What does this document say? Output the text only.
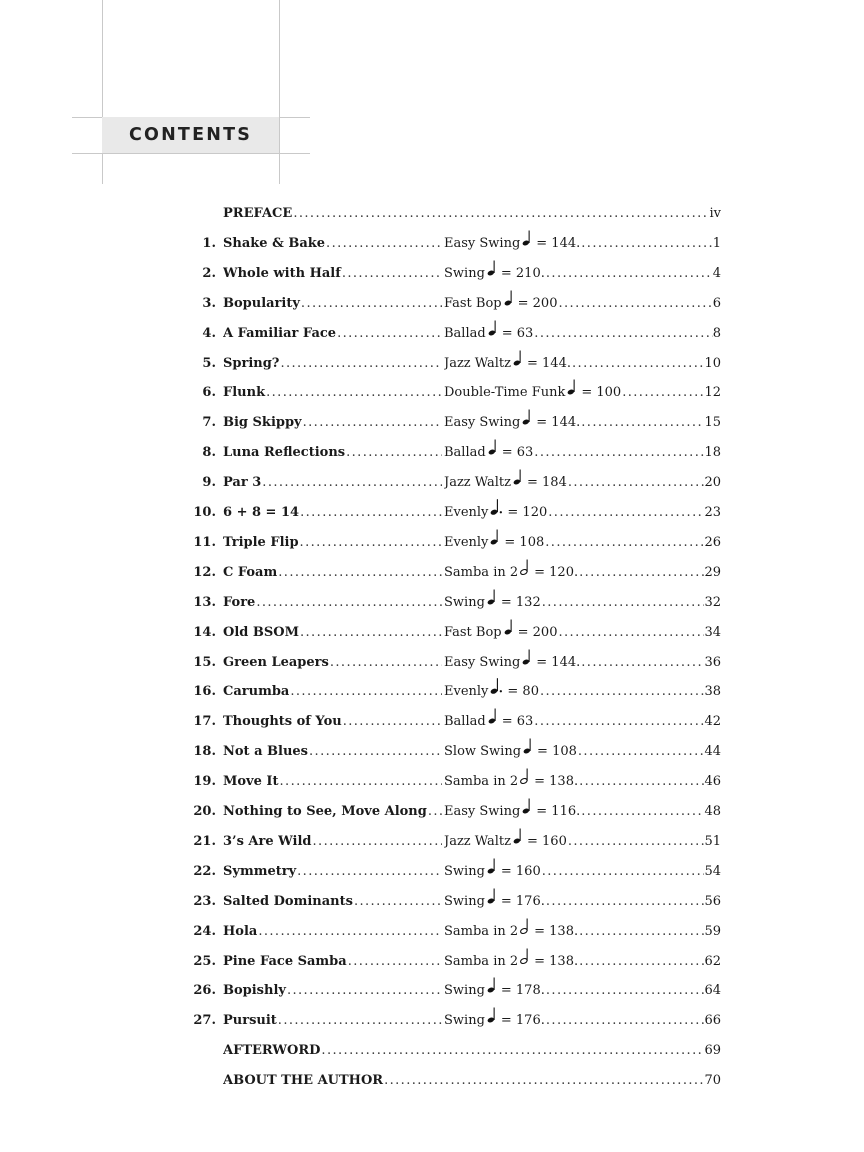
CONTENTS
PREFACE .....	iv
1. Shake & Bake .....	Easy Swing = 144. .....	1
2. Whole with Half .....	Swing = 210. .....	4
3. Bopularity .....	Fast Bop = 200 .....	6
4. A Familiar Face .....	Ballad = 63 .....	8
5. Spring? .....	Jazz Waltz = 144. .....	10
6. Flunk .....	Double-Time Funk = 100 .....	12
7. Big Skippy .....	Easy Swing = 144. .....	15
8. Luna Reflections .....	Ballad = 63 .....	18
9. Par 3 .....	Jazz Waltz = 184 .....	20
10. 6 + 8 = 14 .....	Evenly = 120 .....	23
11. Triple Flip .....	Evenly = 108 .....	26
12. C Foam .....	Samba in 2 = 120. .....	29
13. Fore .....	Swing = 132 .....	32
14. Old BSOM .....	Fast Bop = 200 .....	34
15. Green Leapers .....	Easy Swing = 144. .....	36
16. Carumba .....	Evenly = 80 .....	38
17. Thoughts of You .....	Ballad = 63 .....	42
18. Not a Blues .....	Slow Swing = 108 .....	44
19. Move It .....	Samba in 2 = 138. .....	46
20. Nothing to See, Move Along ..... Easy Swing = 116. .....	48
21. 3’s Are Wild .....	Jazz Waltz = 160 .....	51
22. Symmetry .....	Swing = 160 .....	54
23. Salted Dominants .....	Swing = 176. .....	56
24. Hola .....	Samba in 2 = 138. .....	59
25. Pine Face Samba .....	Samba in 2 = 138. .....	62
26. Bopishly .....	Swing = 178. .....	64
27. Pursuit .....	Swing = 176. .....	66
AFTERWORD .....	69
ABOUT THE AUTHOR .....	70
